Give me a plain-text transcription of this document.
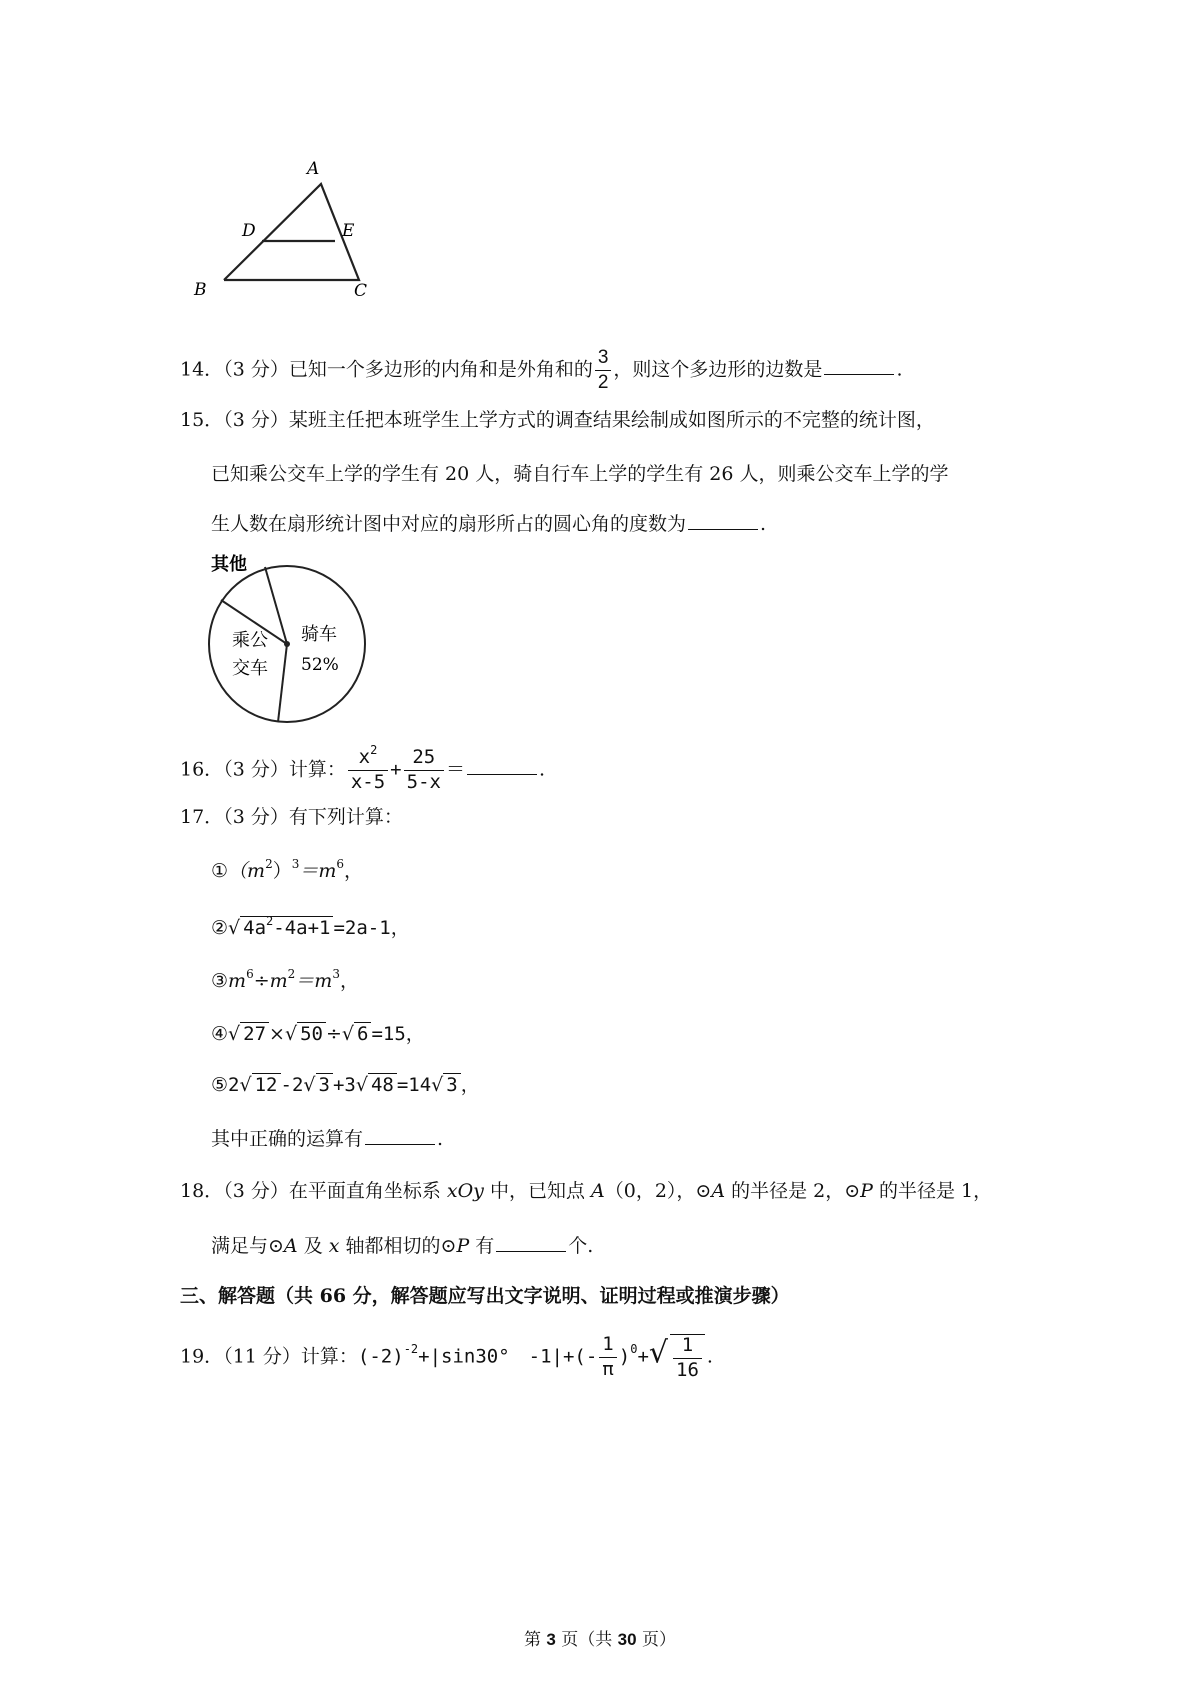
A
D	E
B	C
14．（3 分）已知一个多边形的内角和是外角和的 $\frac{3}{2}$ ，则这个多边形的边数是	.
15．（3 分）某班主任把本班学生上学方式的调查结果绘制成如图所示的不完整的统计图，
已知乘公交车上学的学生有 20 人，骑自行车上学的学生有 26 人，则乘公交车上学的学
生人数在扇形统计图中对应的扇形所占的圆心角的度数为	.
其他
乘公
交车
骑车
52%
16．（3 分）计算： $\frac{x^2}{x-5} + \frac{25}{5-x}$ ＝	.
17．（3 分）有下列计算：
$①(m^2)^3=m^6$，
②√ $4a^2-4a+1 =2a-1$，
$③m^6\div m^2=m^3$，
④√ 27 ×√ 50 ÷√ 6 =15，
⑤2√ 12 -2√ 3 +3√ 48 =14√ 3 ，
其中正确的运算有	.
18．（3 分）在平面直角坐标系 xOy 中，已知点 A（0，2），⊙A 的半径是 2，⊙P 的半径是 1，
满足与⊙A 及 x 轴都相切的⊙P 有	个.
三、解答题（共 66 分，解答题应写出文字说明、证明过程或推演步骤）
19．（11 分）计算：$(-2)^{-2}+|\sin 30^\circ$　$-1|+(- \frac{1}{\pi} )^0+√ \frac{1}{16}$ .
第 3 页（共 30 页）
